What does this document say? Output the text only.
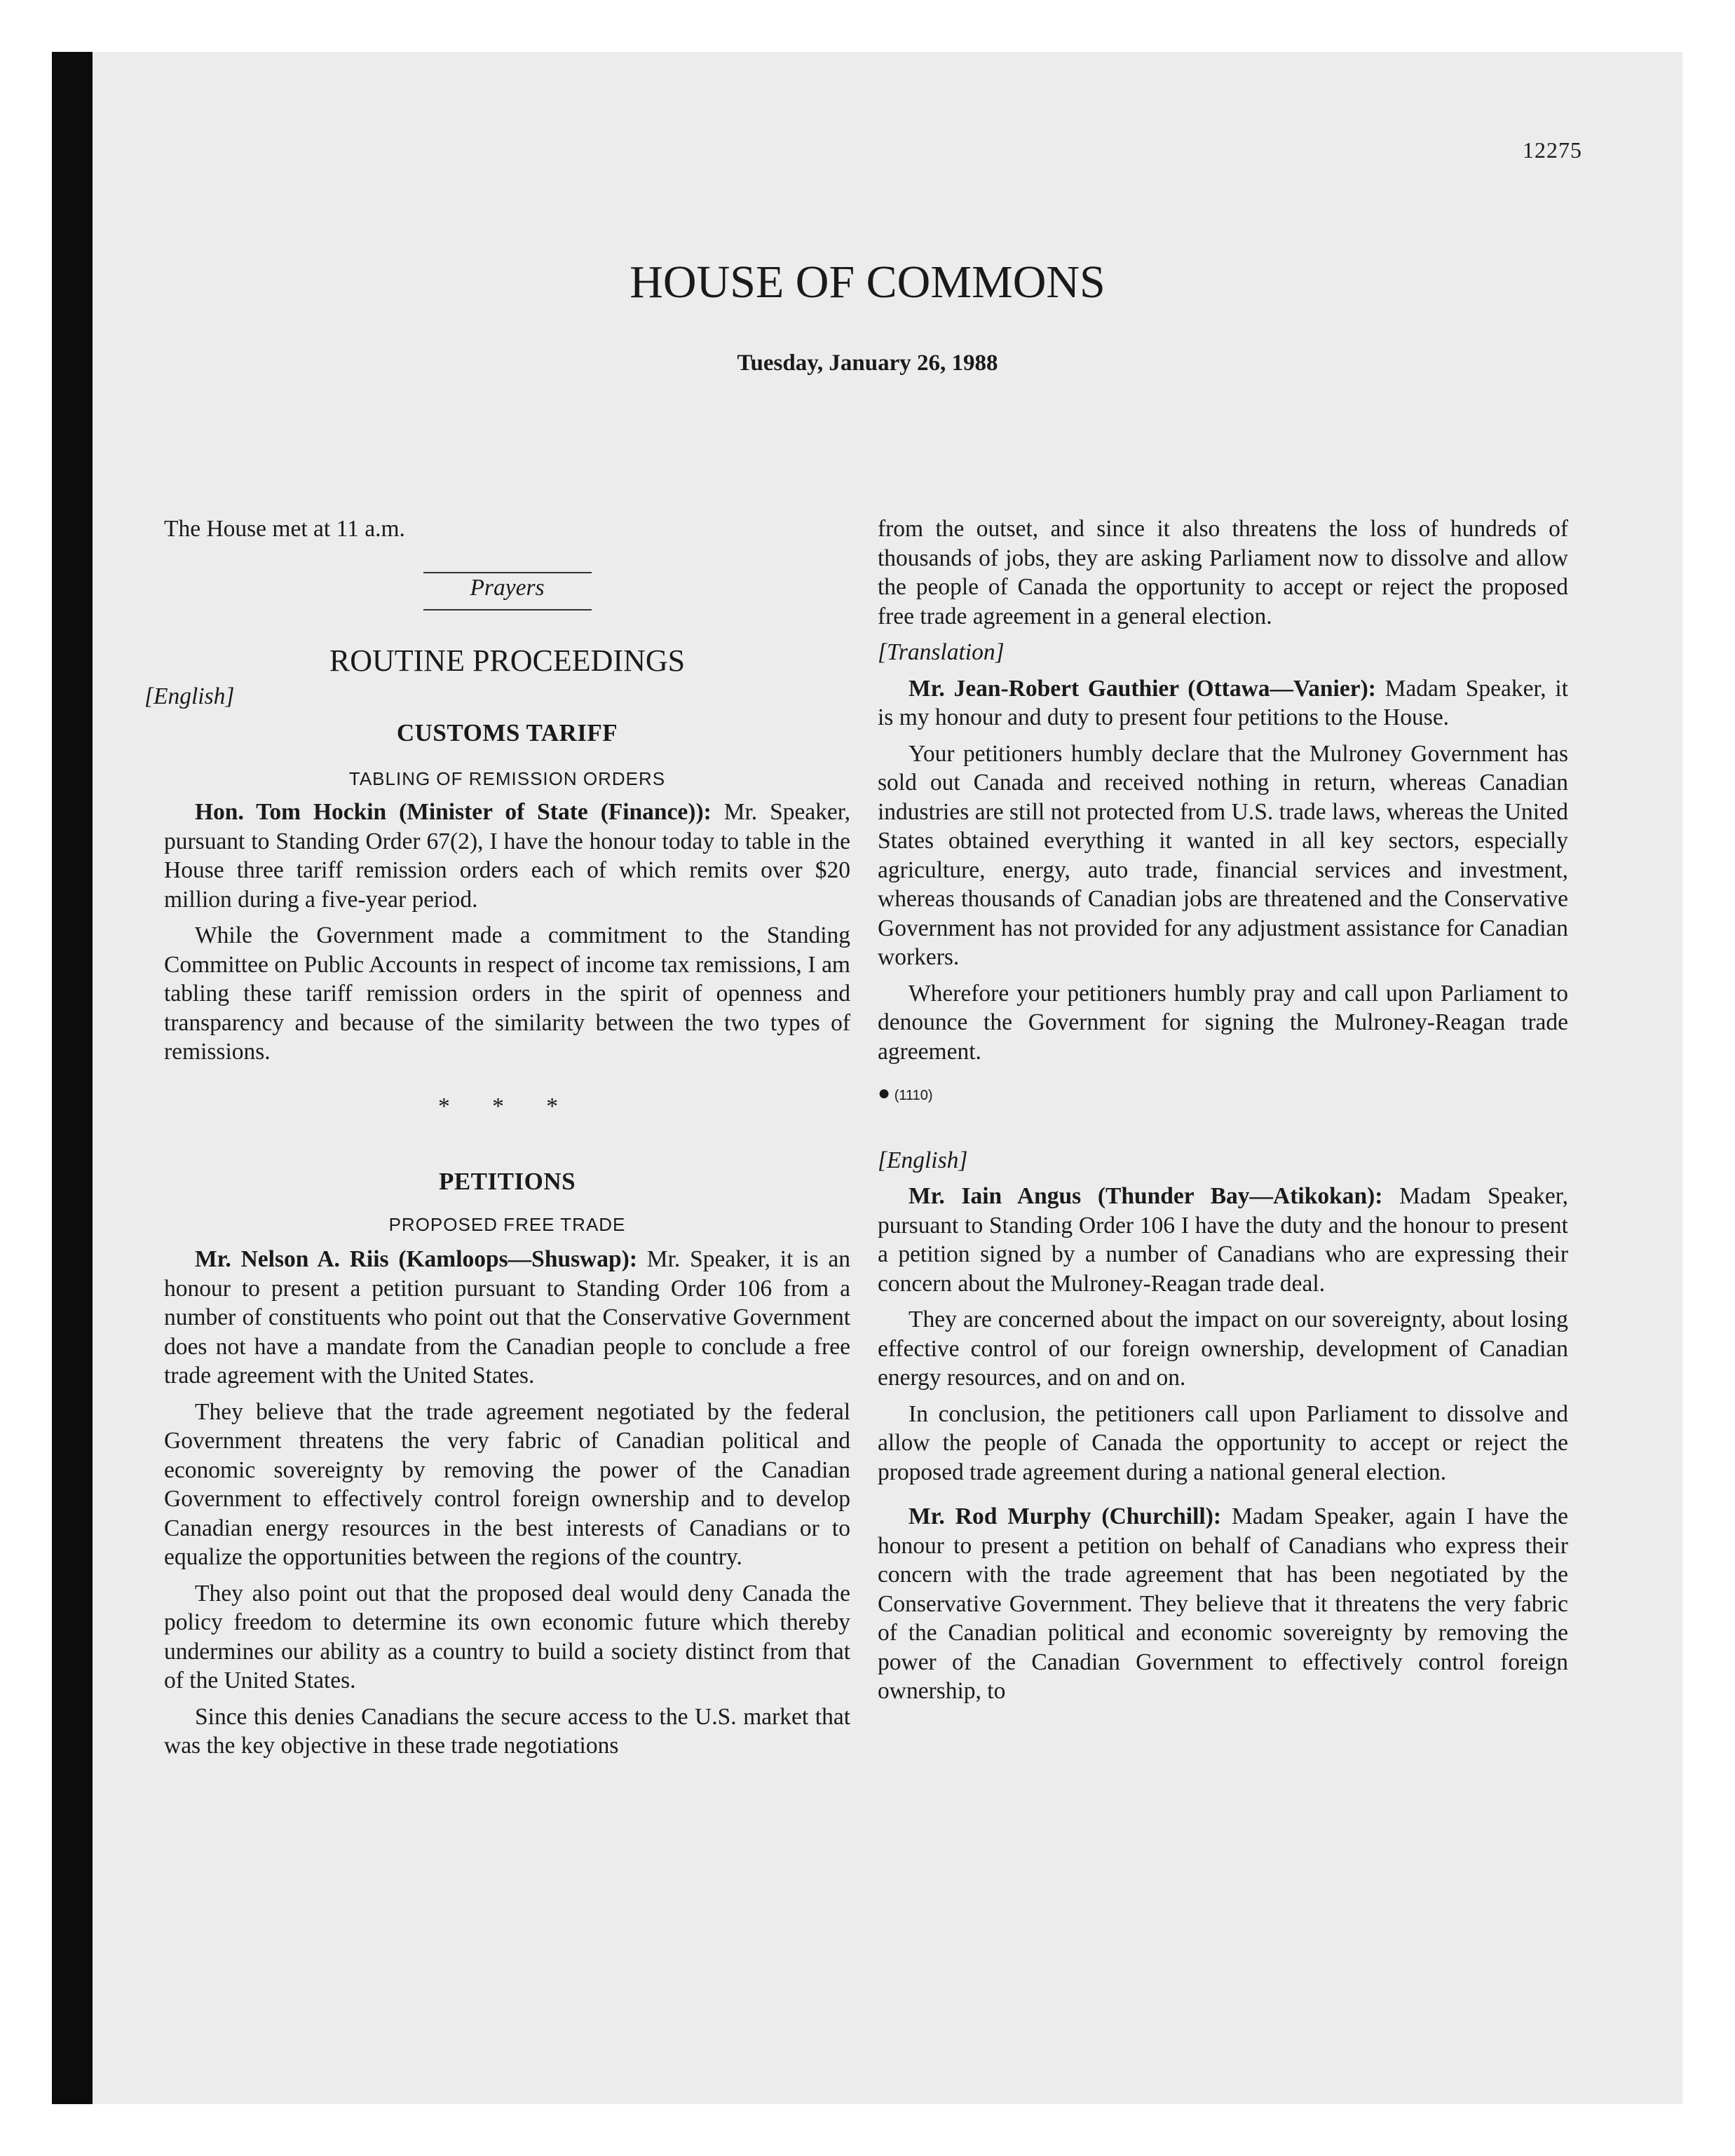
12275
HOUSE OF COMMONS
Tuesday, January 26, 1988

The House met at 11 a.m.

Prayers

ROUTINE PROCEEDINGS
[English]

CUSTOMS TARIFF

TABLING OF REMISSION ORDERS

Hon. Tom Hockin (Minister of State (Finance)): Mr. Speaker, pursuant to Standing Order 67(2), I have the honour today to table in the House three tariff remission orders each of which remits over $20 million during a five-year period.

While the Government made a commitment to the Standing Committee on Public Accounts in respect of income tax remissions, I am tabling these tariff remission orders in the spirit of openness and transparency and because of the similarity between the two types of remissions.

* * *

PETITIONS

PROPOSED FREE TRADE

Mr. Nelson A. Riis (Kamloops—Shuswap): Mr. Speaker, it is an honour to present a petition pursuant to Standing Order 106 from a number of constituents who point out that the Conservative Government does not have a mandate from the Canadian people to conclude a free trade agreement with the United States.

They believe that the trade agreement negotiated by the federal Government threatens the very fabric of Canadian political and economic sovereignty by removing the power of the Canadian Government to effectively control foreign ownership and to develop Canadian energy resources in the best interests of Canadians or to equalize the opportunities between the regions of the country.

They also point out that the proposed deal would deny Canada the policy freedom to determine its own economic future which thereby undermines our ability as a country to build a society distinct from that of the United States.

Since this denies Canadians the secure access to the U.S. market that was the key objective in these trade negotiations

from the outset, and since it also threatens the loss of hundreds of thousands of jobs, they are asking Parliament now to dissolve and allow the people of Canada the opportunity to accept or reject the proposed free trade agreement in a general election.

[Translation]

Mr. Jean-Robert Gauthier (Ottawa—Vanier): Madam Speaker, it is my honour and duty to present four petitions to the House.

Your petitioners humbly declare that the Mulroney Government has sold out Canada and received nothing in return, whereas Canadian industries are still not protected from U.S. trade laws, whereas the United States obtained everything it wanted in all key sectors, especially agriculture, energy, auto trade, financial services and investment, whereas thousands of Canadian jobs are threatened and the Conservative Government has not provided for any adjustment assistance for Canadian workers.

Wherefore your petitioners humbly pray and call upon Parliament to denounce the Government for signing the Mulroney-Reagan trade agreement.

● (1110)

[English]

Mr. Iain Angus (Thunder Bay—Atikokan): Madam Speaker, pursuant to Standing Order 106 I have the duty and the honour to present a petition signed by a number of Canadians who are expressing their concern about the Mulroney-Reagan trade deal.

They are concerned about the impact on our sovereignty, about losing effective control of our foreign ownership, development of Canadian energy resources, and on and on.

In conclusion, the petitioners call upon Parliament to dissolve and allow the people of Canada the opportunity to accept or reject the proposed trade agreement during a national general election.

Mr. Rod Murphy (Churchill): Madam Speaker, again I have the honour to present a petition on behalf of Canadians who express their concern with the trade agreement that has been negotiated by the Conservative Government. They believe that it threatens the very fabric of the Canadian political and economic sovereignty by removing the power of the Canadian Government to effectively control foreign ownership, to
